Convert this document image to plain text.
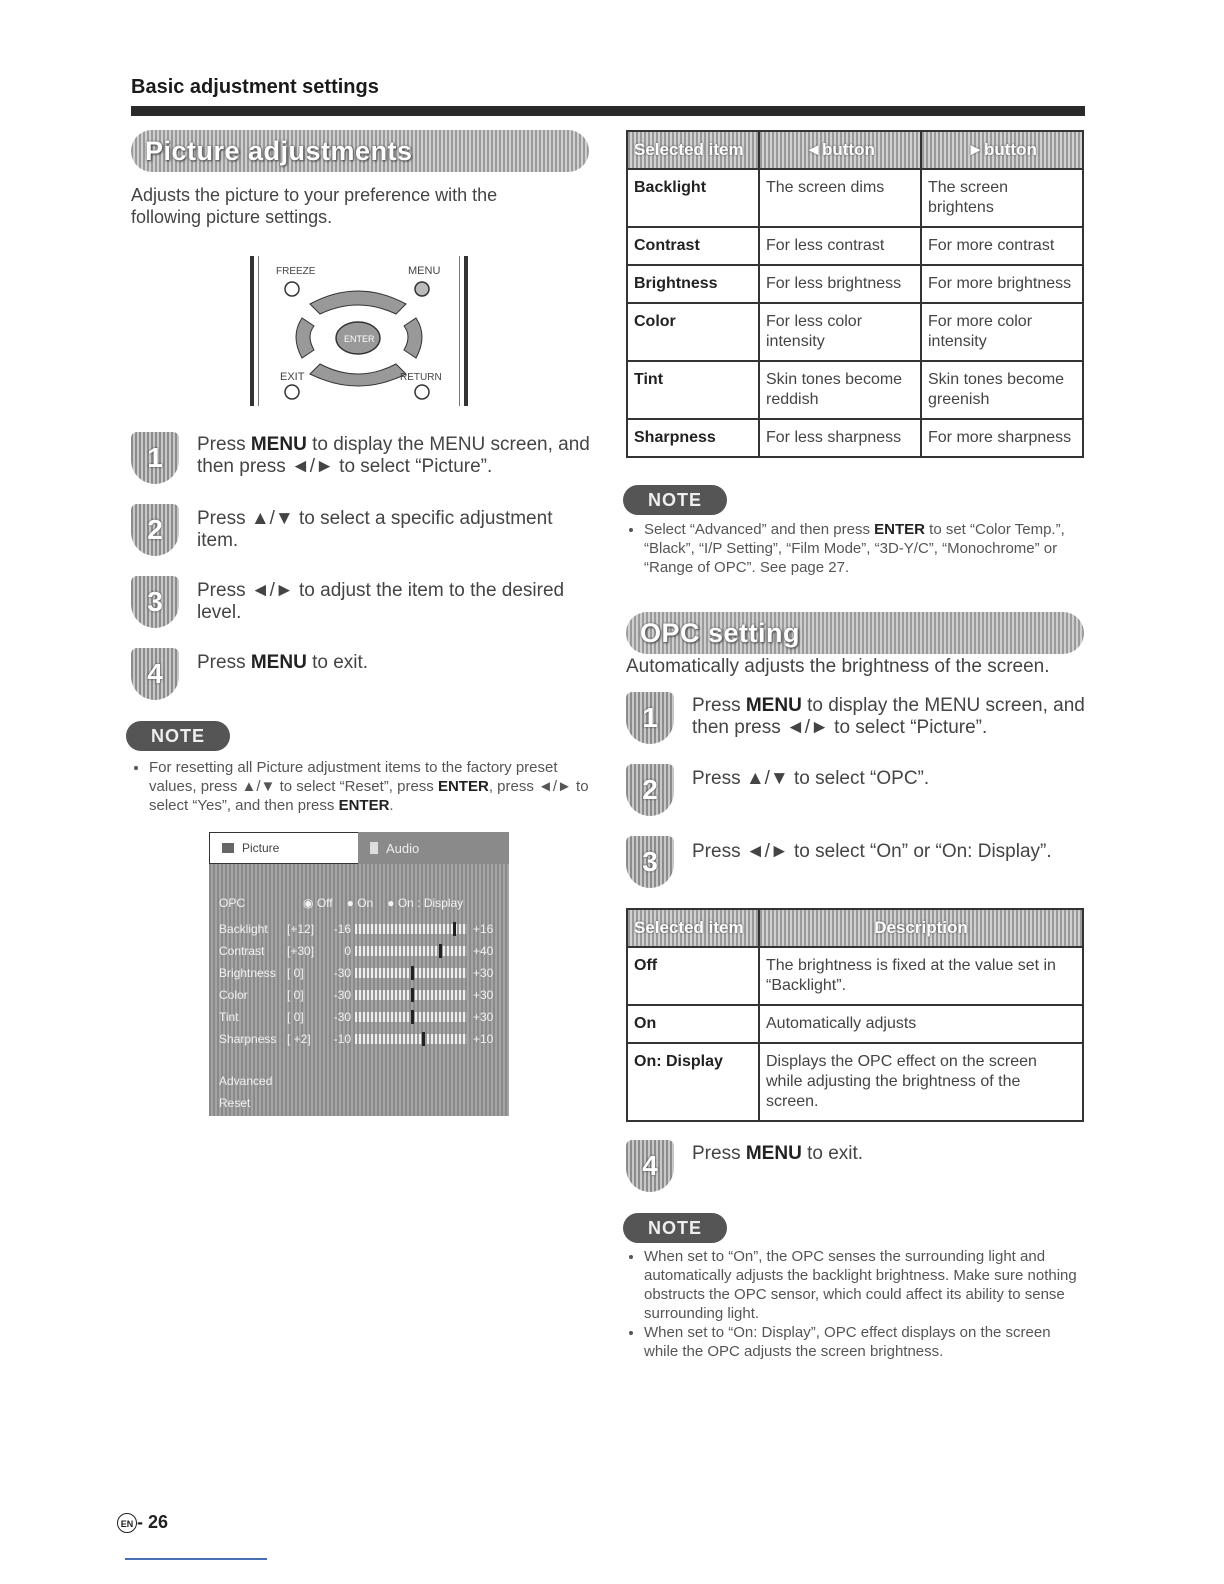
Basic adjustment settings
Picture adjustments
Adjusts the picture to your preference with the following picture settings.
FREEZE	MENU
ENTER
EXIT	RETURN
1 Press MENU to display the MENU screen, and then press ◄/► to select “Picture”.
2 Press ▲/▼ to select a specific adjustment item.
3 Press ◄/► to adjust the item to the desired level.
4 Press MENU to exit.
NOTE
• For resetting all Picture adjustment items to the factory preset values, press ▲/▼ to select “Reset”, press ENTER, press ◄/► to select “Yes”, and then press ENTER.
Picture	Audio
OPC	◉ Off ● On ● On : Display
Backlight	[+12]	-16	+16
Contrast	[+30]	0	+40
Brightness [ 0]	-30	+30
Color	[ 0]	-30	+30
Tint	[ 0]	-30	+30
Sharpness [ +2]	-10	+10
Advanced
Reset
Selected item	◄button	►button
Backlight	The screen dims	The screen brightens
Contrast	For less contrast	For more contrast
Brightness	For less brightness	For more brightness
Color	For less color intensity	For more color intensity
Tint	Skin tones become reddish	Skin tones become greenish
Sharpness	For less sharpness	For more sharpness
NOTE
• Select “Advanced” and then press ENTER to set “Color Temp.”, “Black”, “I/P Setting”, “Film Mode”, “3D-Y/C”, “Monochrome” or “Range of OPC”. See page 27.
OPC setting
Automatically adjusts the brightness of the screen.
1 Press MENU to display the MENU screen, and then press ◄/► to select “Picture”.
2 Press ▲/▼ to select “OPC”.
3 Press ◄/► to select “On” or “On: Display”.
Selected item	Description
Off	The brightness is fixed at the value set in “Backlight”.
On	Automatically adjusts
On: Display	Displays the OPC effect on the screen while adjusting the brightness of the screen.
4 Press MENU to exit.
NOTE
• When set to “On”, the OPC senses the surrounding light and automatically adjusts the backlight brightness. Make sure nothing obstructs the OPC sensor, which could affect its ability to sense surrounding light.
• When set to “On: Display”, OPC effect displays on the screen while the OPC adjusts the screen brightness.
EN - 26
